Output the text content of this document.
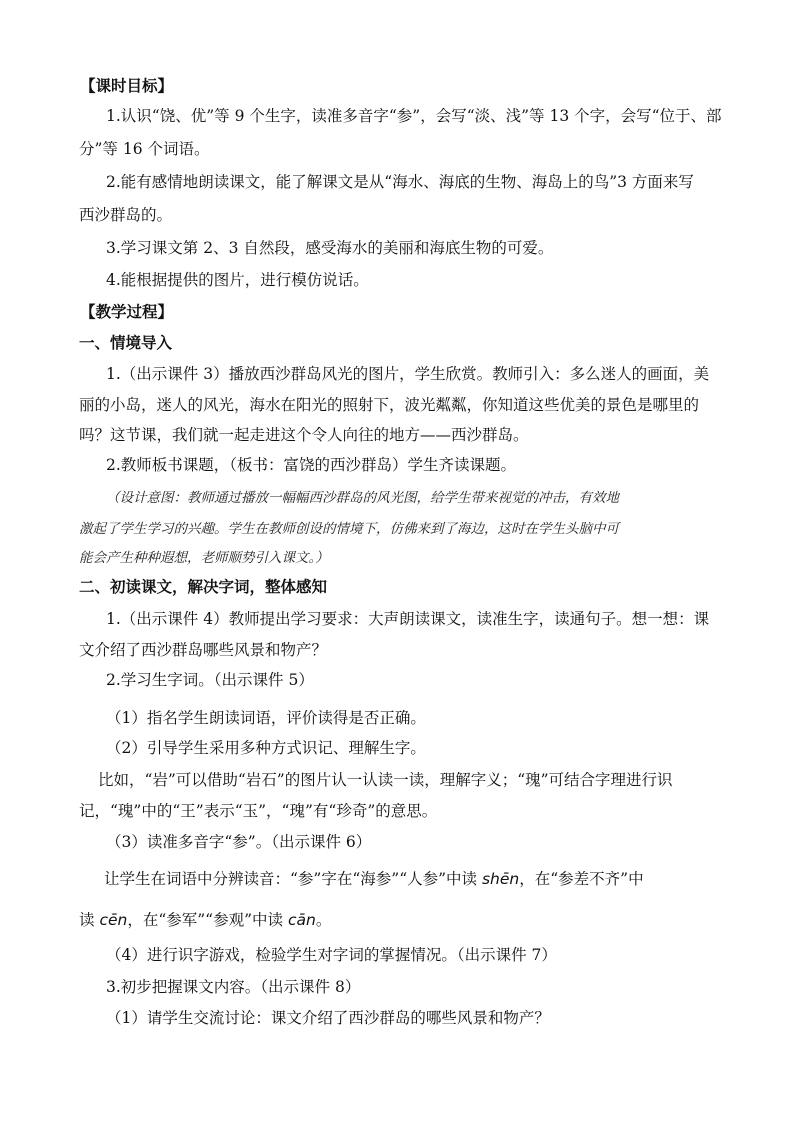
【课时目标】
1.认识“饶、优”等 9 个生字，读准多音字“参”，会写“淡、浅”等 13 个字，会写“位于、部
分”等 16 个词语。
2.能有感情地朗读课文，能了解课文是从“海水、海底的生物、海岛上的鸟”3 方面来写
西沙群岛的。
3.学习课文第 2、3 自然段，感受海水的美丽和海底生物的可爱。
4.能根据提供的图片，进行模仿说话。
【教学过程】
一、情境导入
1.（出示课件 3）播放西沙群岛风光的图片，学生欣赏。教师引入：多么迷人的画面，美
丽的小岛，迷人的风光，海水在阳光的照射下，波光粼粼，你知道这些优美的景色是哪里的
吗？这节课，我们就一起走进这个令人向往的地方——西沙群岛。
2.教师板书课题，（板书：富饶的西沙群岛）学生齐读课题。
（设计意图：教师通过播放一幅幅西沙群岛的风光图，给学生带来视觉的冲击，有效地
激起了学生学习的兴趣。学生在教师创设的情境下，仿佛来到了海边，这时在学生头脑中可
能会产生种种遐想，老师顺势引入课文。）
二、初读课文，解决字词，整体感知
1.（出示课件 4）教师提出学习要求：大声朗读课文，读准生字，读通句子。想一想：课
文介绍了西沙群岛哪些风景和物产？
2.学习生字词。（出示课件 5）
（1）指名学生朗读词语，评价读得是否正确。
（2）引导学生采用多种方式识记、理解生字。
比如，“岩”可以借助“岩石”的图片认一认读一读，理解字义；“瑰”可结合字理进行识
记，“瑰”中的“王”表示“玉”，“瑰”有“珍奇”的意思。
（3）读准多音字“参”。（出示课件 6）
让学生在词语中分辨读音：“参”字在“海参”“人参”中读 shēn，在“参差不齐”中
读 cēn，在“参军”“参观”中读 cān。
（4）进行识字游戏，检验学生对字词的掌握情况。（出示课件 7）
3.初步把握课文内容。（出示课件 8）
（1）请学生交流讨论：课文介绍了西沙群岛的哪些风景和物产？
